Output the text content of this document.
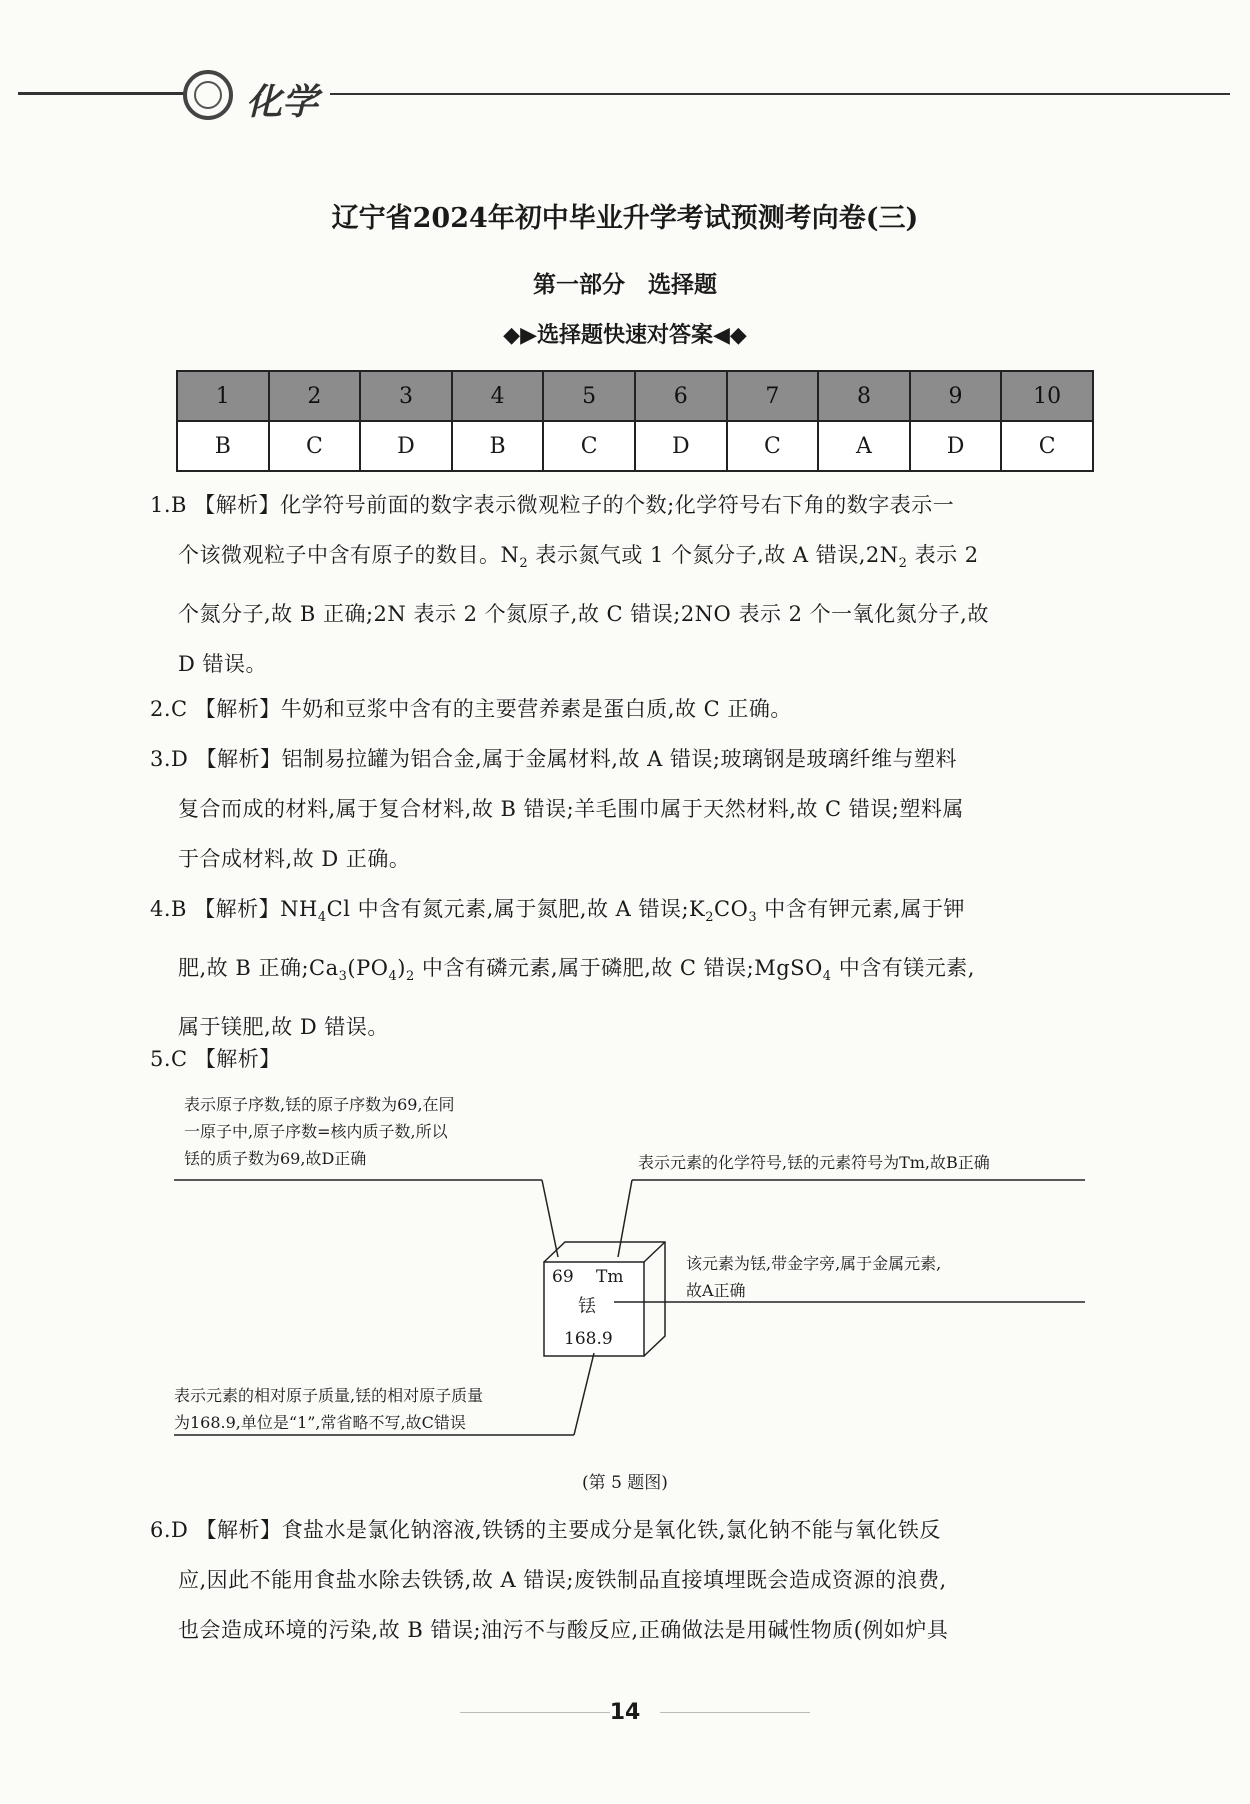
化学
辽宁省2024年初中毕业升学考试预测考向卷(三)
第一部分　选择题
◆▶选择题快速对答案◀◆
1	2	3	4	5	6	7	8	9	10
B	C	D	B	C	D	C	A	D	C
1.B 【解析】化学符号前面的数字表示微观粒子的个数;化学符号右下角的数字表示一
个该微观粒子中含有原子的数目。$N_2$ 表示氮气或 1 个氮分子,故 A 错误$,2N_2$ 表示 2
个氮分子,故 B 正确;2N 表示 2 个氮原子,故 C 错误;2NO 表示 2 个一氧化氮分子,故
D 错误。
2.C 【解析】牛奶和豆浆中含有的主要营养素是蛋白质,故 C 正确。
3.D 【解析】铝制易拉罐为铝合金,属于金属材料,故 A 错误;玻璃钢是玻璃纤维与塑料
复合而成的材料,属于复合材料,故 B 错误;羊毛围巾属于天然材料,故 C 错误;塑料属
于合成材料,故 D 正确。
4.B 【解析】$NH_4Cl$ 中含有氮元素,属于氮肥,故 A 错误$;K_2CO_3$ 中含有钾元素,属于钾
肥,故 B 正确$;Ca_3(PO_4)_2$ 中含有磷元素,属于磷肥,故 C 错误;MgSO$_4$ 中含有镁元素,
属于镁肥,故 D 错误。
5.C 【解析】
表示原子序数,铥的原子序数为69,在同
一原子中,原子序数=核内质子数,所以
铥的质子数为69,故D正确	表示元素的化学符号,铥的元素符号为Tm,故B正确
该元素为铥,带金字旁,属于金属元素,
故A正确
表示元素的相对原子质量,铥的相对原子质量
为168.9,单位是“1”,常省略不写,故C错误
69 Tm
铥
168.9
(第 5 题图)
6.D 【解析】食盐水是氯化钠溶液,铁锈的主要成分是氧化铁,氯化钠不能与氧化铁反
应,因此不能用食盐水除去铁锈,故 A 错误;废铁制品直接填埋既会造成资源的浪费,
也会造成环境的污染,故 B 错误;油污不与酸反应,正确做法是用碱性物质(例如炉具
14
